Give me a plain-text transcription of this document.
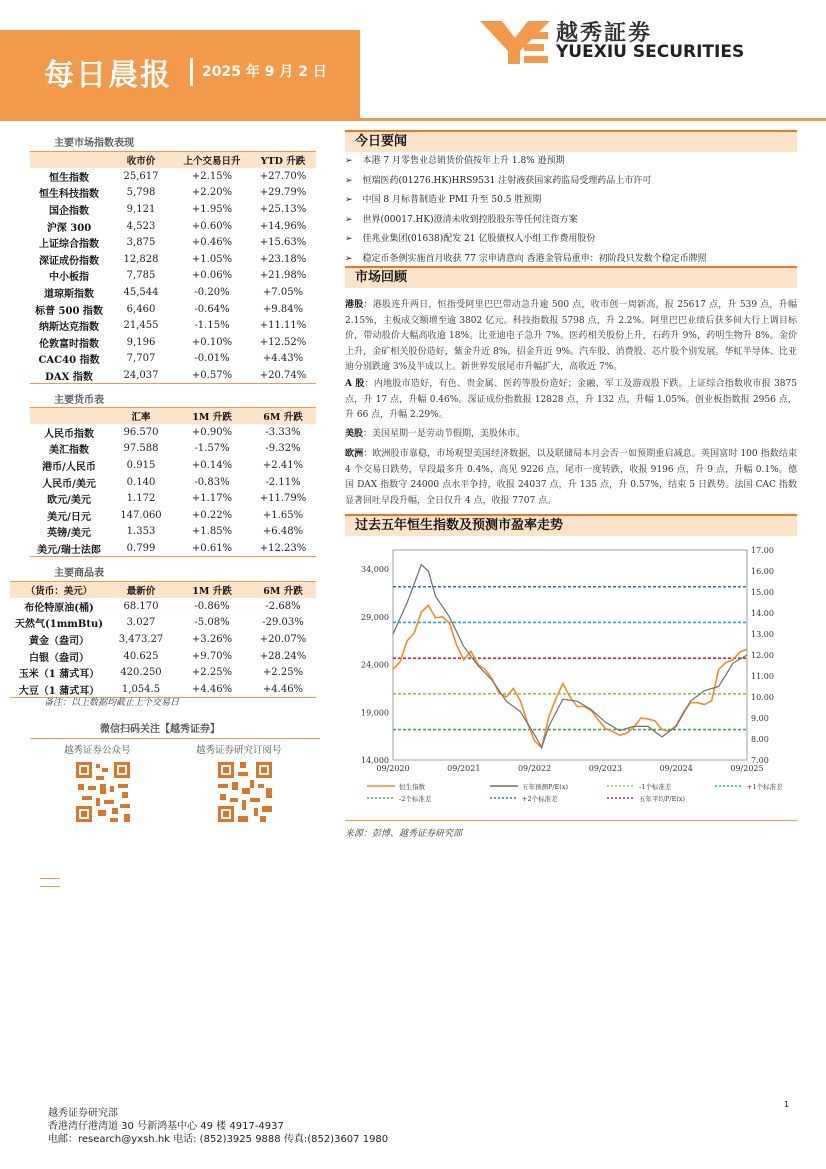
每日晨报 2025 年 9 月 2 日
越秀証劵
YUEXIU SECURITIES
主要市场指数表现
	收市价	上个交易日升	YTD 升跌
恒生指数	25,617	+2.15%	+27.70%
恒生科技指数	5,798	+2.20%	+29.79%
国企指数	9,121	+1.95%	+25.13%
沪深 300	4,523	+0.60%	+14.96%
上证综合指数	3,875	+0.46%	+15.63%
深证成份指数	12,828	+1.05%	+23.18%
中小板指	7,785	+0.06%	+21.98%
道琼斯指数	45,544	-0.20%	+7.05%
标普 500 指数	6,460	-0.64%	+9.84%
纳斯达克指数	21,455	-1.15%	+11.11%
伦敦富时指数	9,196	+0.10%	+12.52%
CAC40 指数	7,707	-0.01%	+4.43%
DAX 指数	24,037	+0.57%	+20.74%
主要货币表
	汇率	1M 升跌	6M 升跌
人民币指数	96.570	+0.90%	-3.33%
美汇指数	97.588	-1.57%	-9.32%
港币/人民币	0.915	+0.14%	+2.41%
人民币/美元	0.140	-0.83%	-2.11%
欧元/美元	1.172	+1.17%	+11.79%
美元/日元	147.060	+0.22%	+1.65%
英镑/美元	1.353	+1.85%	+6.48%
美元/瑞士法郎	0.799	+0.61%	+12.23%
主要商品表
（货币：美元）	最新价	1M 升跌	6M 升跌
布伦特原油(桶)	68.170	-0.86%	-2.68%
天然气(1mmBtu)	3.027	-5.08%	-29.03%
黄金（盎司）	3,473.27	+3.26%	+20.07%
白银（盎司）	40.625	+9.70%	+28.24%
玉米（1 蒲式耳）	420.250	+2.25%	+2.25%
大豆（1 蒲式耳）	1,054.5	+4.46%	+4.46%
备注：以上数据均截止上个交易日
微信扫码关注【越秀证券】
越秀证券公众号	越秀证券研究订阅号
今日要闻
➢ 本港 7 月零售业总销货价值按年上升 1.8% 逊预期
➢ 恒瑞医药(01276.HK)HRS9531 注射液获国家药监局受理药品上市许可
➢ 中国 8 月标普制造业 PMI 升至 50.5 胜预期
➢ 世界(00017.HK)澄清未收到控股股东等任何注资方案
➢ 佳兆业集团(01638)配发 21 亿股債权人小组工作费用股份
➢ 稳定币条例实施首月收获 77 宗申请意向 香港金管局重申：初阶段只发数个稳定币牌照
市场回顾
港股：港股连升两日，恒指受阿里巴巴带动急升逾 500 点，收市创一周新高，报 25617 点，升 539 点，升幅 2.15%，主板成交额增至逾 3802 亿元。科技指数报 5798 点，升 2.2%。阿里巴巴业绩后获多间大行上调目标价，带动股价大幅高收逾 18%。比亚迪电子急升 7%。医药相关股份上升，石药升 9%，药明生物升 8%。金价上升，金矿相关股份造好，紫金升近 8%，招金升近 9%。汽车股、消费股、芯片股个别发展。华虹半导体、比亚迪分别跌逾 3%及半成以上。新世界发展尾市升幅扩大，高收近 7%。
A 股：内地股市造好，有色、贵金属、医药等股份造好；金融、军工及游戏股下跌。上证综合指数收市报 3875 点，升 17 点，升幅 0.46%。深证成份指数报 12828 点，升 132 点，升幅 1.05%。创业板指数报 2956 点，升 66 点，升幅 2.29%。
美股：美国星期一是劳动节假期，美股休市。
欧洲：欧洲股市靠稳，市场观望美国经济数据，以及联储局本月会否一如预期重启减息。英国富时 100 指数结束 4 个交易日跌势，早段最多升 0.4%，高见 9226 点，尾市一度转跌，收报 9196 点，升 9 点，升幅 0.1%。德国 DAX 指数守 24000 点水平争持，收报 24037 点，升 135 点，升 0.57%，结束 5 日跌势。法国 CAC 指数显著回吐早段升幅，全日仅升 4 点，收报 7707 点。
过去五年恒生指数及预测市盈率走势
14,000
19,000
24,000
29,000
34,000
7.00
8.00
9.00
10.00
11.00
12.00
13.00
14.00
15.00
16.00
17.00
09/2020	09/2021	09/2022	09/2023	09/2024	09/2025
恒生指数	五年预测P/E(x)	-1个标准差	+1个标准差
-2个标准差	+2个标准差	五年平均P/E(x)
来源：彭博、越秀证券研究部
越秀证券研究部
香港湾仔港湾道 30 号新鸿基中心 49 楼 4917-4937
电邮：research@yxsh.hk 电话: (852)3925 9888 传真:(852)3607 1980
1
